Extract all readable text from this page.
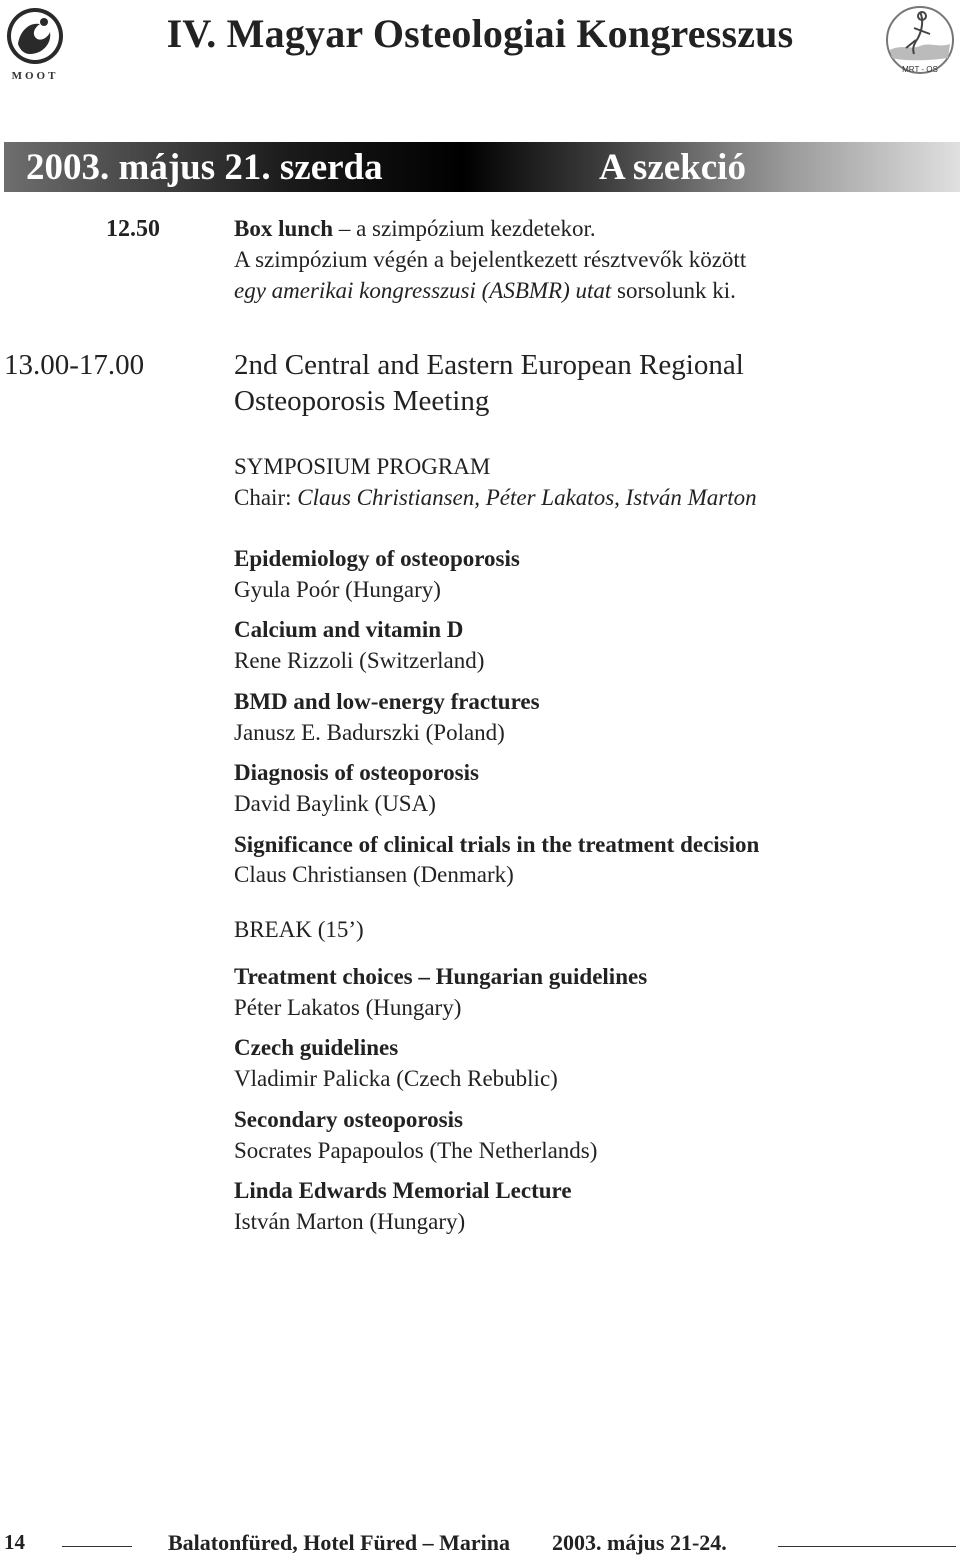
MOOT
IV. Magyar Osteologiai Kongresszus
MRT - OS
2003. május 21. szerda	A szekció
12.50	Box lunch – a szimpózium kezdetekor.
A szimpózium végén a bejelentkezett résztvevők között
egy amerikai kongresszusi (ASBMR) utat sorsolunk ki.
13.00-17.00	2nd Central and Eastern European Regional
Osteoporosis Meeting
SYMPOSIUM PROGRAM
Chair: Claus Christiansen, Péter Lakatos, István Marton
Epidemiology of osteoporosis
Gyula Poór (Hungary)
Calcium and vitamin D
Rene Rizzoli (Switzerland)
BMD and low-energy fractures
Janusz E. Badurszki (Poland)
Diagnosis of osteoporosis
David Baylink (USA)
Significance of clinical trials in the treatment decision
Claus Christiansen (Denmark)
BREAK (15’)
Treatment choices – Hungarian guidelines
Péter Lakatos (Hungary)
Czech guidelines
Vladimir Palicka (Czech Rebublic)
Secondary osteoporosis
Socrates Papapoulos (The Netherlands)
Linda Edwards Memorial Lecture
István Marton (Hungary)
14	Balatonfüred, Hotel Füred – Marina 2003. május 21-24.
